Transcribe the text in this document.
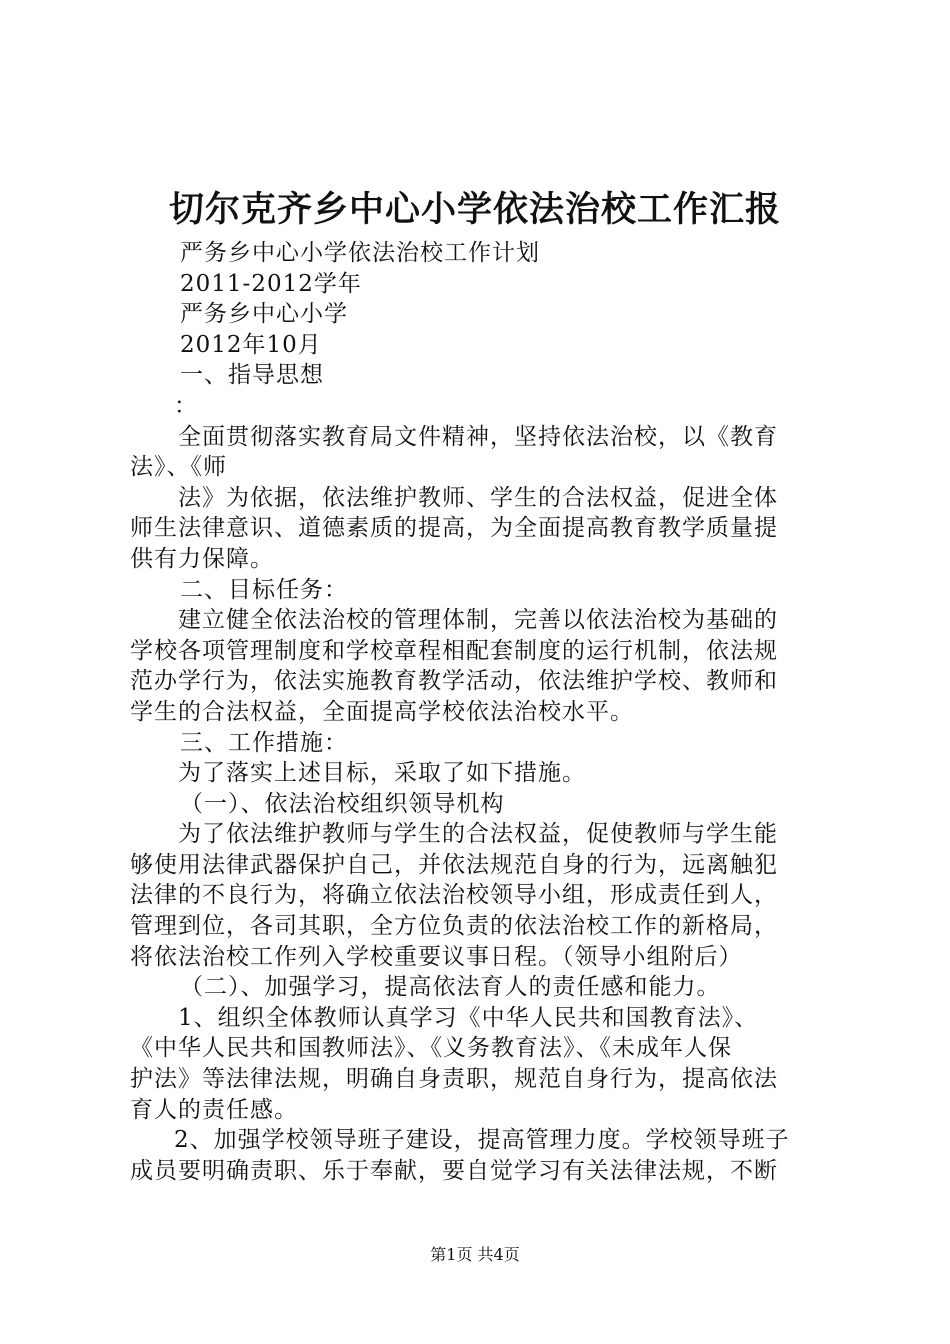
切尔克齐乡中心小学依法治校工作汇报

严务乡中心小学依法治校工作计划

2011-2012学年

严务乡中心小学

2012年10月

一、指导思想

：

全面贯彻落实教育局文件精神，坚持依法治校，以《教育

法》、《师

法》为依据，依法维护教师、学生的合法权益，促进全体

师生法律意识、道德素质的提高，为全面提高教育教学质量提

供有力保障。

二、目标任务：

建立健全依法治校的管理体制，完善以依法治校为基础的

学校各项管理制度和学校章程相配套制度的运行机制，依法规

范办学行为，依法实施教育教学活动，依法维护学校、教师和

学生的合法权益，全面提高学校依法治校水平。

三、工作措施：

为了落实上述目标，采取了如下措施。

（一）、依法治校组织领导机构

为了依法维护教师与学生的合法权益，促使教师与学生能

够使用法律武器保护自己，并依法规范自身的行为，远离触犯

法律的不良行为，将确立依法治校领导小组，形成责任到人，

管理到位，各司其职，全方位负责的依法治校工作的新格局，

将依法治校工作列入学校重要议事日程。（领导小组附后）

（二）、加强学习，提高依法育人的责任感和能力。

1、组织全体教师认真学习《中华人民共和国教育法》、

《中华人民共和国教师法》、《义务教育法》、《未成年人保

护法》等法律法规，明确自身责职，规范自身行为，提高依法

育人的责任感。

2、加强学校领导班子建设，提高管理力度。学校领导班子

成员要明确责职、乐于奉献，要自觉学习有关法律法规，不断

第1页 共4页
